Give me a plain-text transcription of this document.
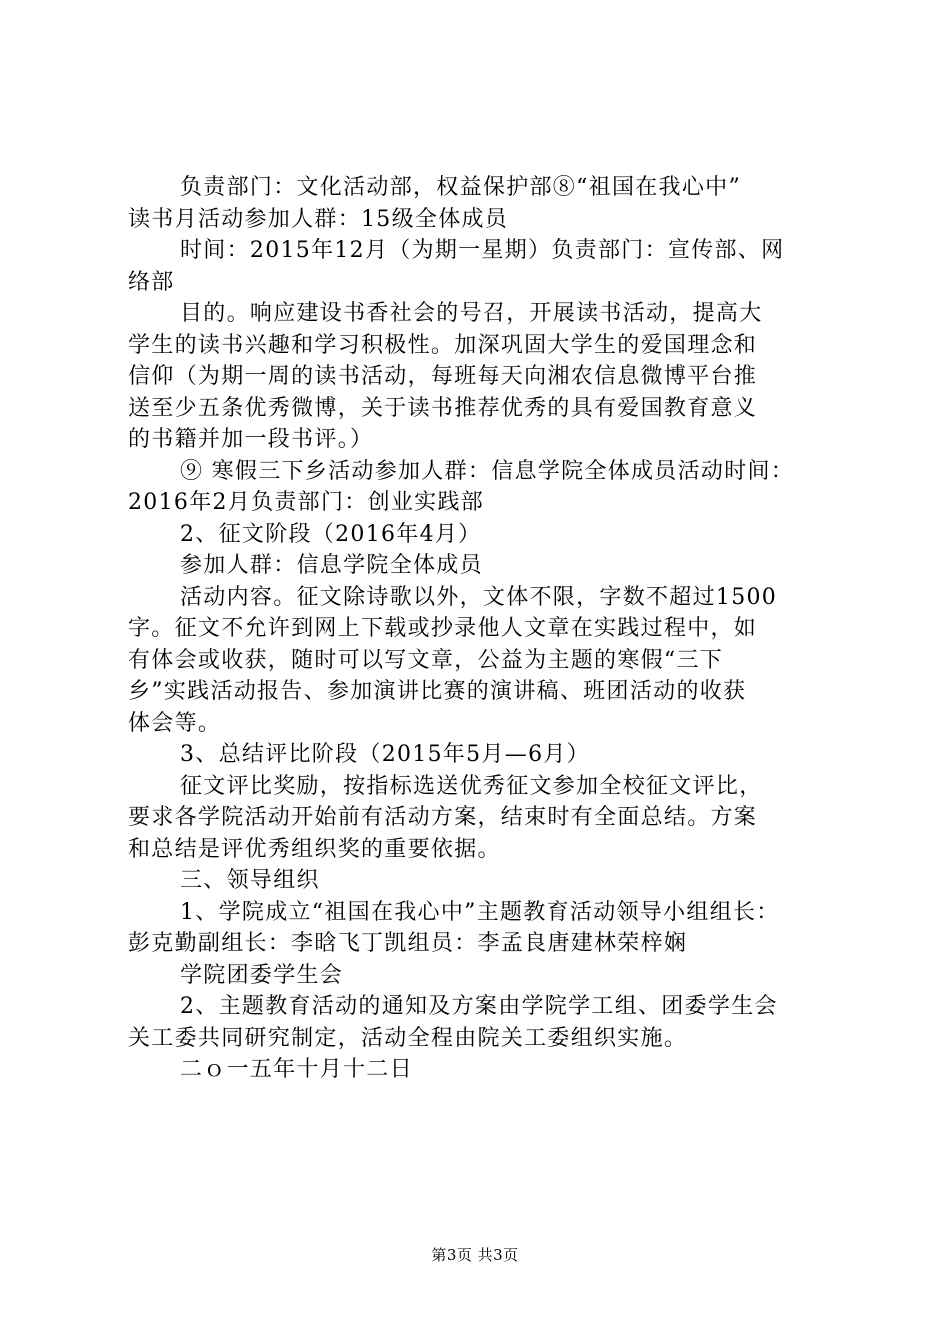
负责部门：文化活动部，权益保护部⑧“祖国在我心中”
读书月活动参加人群：15级全体成员
时间：2015年12月（为期一星期）负责部门：宣传部、网
络部
目的。响应建设书香社会的号召，开展读书活动，提高大
学生的读书兴趣和学习积极性。加深巩固大学生的爱国理念和
信仰（为期一周的读书活动，每班每天向湘农信息微博平台推
送至少五条优秀微博，关于读书推荐优秀的具有爱国教育意义
的书籍并加一段书评。）
⑨ 寒假三下乡活动参加人群：信息学院全体成员活动时间：
2016年2月负责部门：创业实践部
2、征文阶段（2016年4月）
参加人群：信息学院全体成员
活动内容。征文除诗歌以外，文体不限，字数不超过1500
字。征文不允许到网上下载或抄录他人文章在实践过程中，如
有体会或收获，随时可以写文章，公益为主题的寒假“三下
乡”实践活动报告、参加演讲比赛的演讲稿、班团活动的收获
体会等。
3、总结评比阶段（2015年5月—6月）
征文评比奖励，按指标选送优秀征文参加全校征文评比，
要求各学院活动开始前有活动方案，结束时有全面总结。方案
和总结是评优秀组织奖的重要依据。
三、领导组织
1、学院成立“祖国在我心中”主题教育活动领导小组组长：
彭克勤副组长：李晗飞丁凯组员：李孟良唐建林荣梓娴
学院团委学生会
2、主题教育活动的通知及方案由学院学工组、团委学生会
关工委共同研究制定，活动全程由院关工委组织实施。
二ｏ一五年十月十二日
第3页 共3页
